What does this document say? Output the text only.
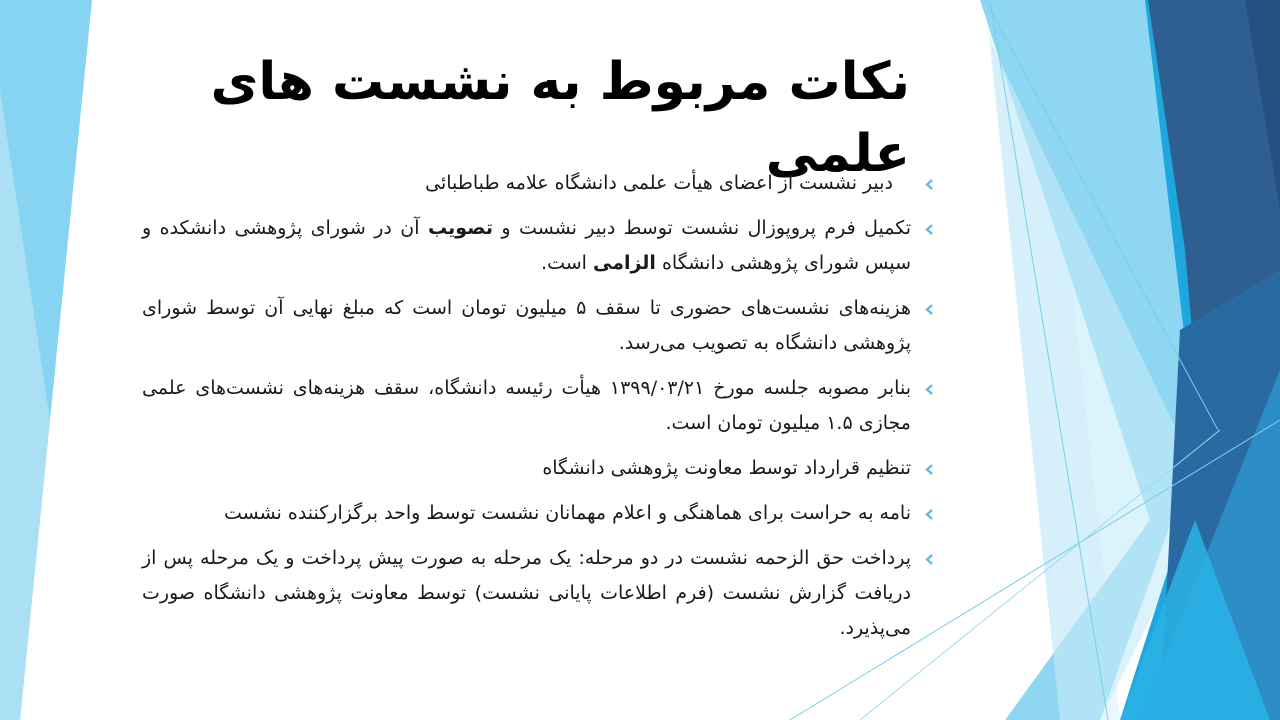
نکات مربوط به نشست های علمی
دبیر نشست از اعضای هیأت علمی دانشگاه علامه طباطبائی
تکمیل فرم پروپوزال نشست توسط دبیر نشست و تصویب آن در شورای پژوهشی دانشکده و سپس شورای پژوهشی دانشگاه الزامی است.
هزینه‌های نشست‌های حضوری تا سقف ۵ میلیون تومان است که مبلغ نهایی آن توسط شورای پژوهشی دانشگاه به تصویب می‌رسد.
بنابر مصوبه جلسه مورخ ۱۳۹۹/۰۳/۲۱ هیأت رئیسه دانشگاه، سقف هزینه‌های نشست‌های علمی مجازی ۱.۵ میلیون تومان است.
تنظیم قرارداد توسط معاونت پژوهشی دانشگاه
نامه به حراست برای هماهنگی و اعلام مهمانان نشست توسط واحد برگزارکننده نشست
پرداخت حق الزحمه نشست در دو مرحله: یک مرحله به صورت پیش پرداخت و یک مرحله پس از دریافت گزارش نشست (فرم اطلاعات پایانی نشست) توسط معاونت پژوهشی دانشگاه صورت می‌پذیرد.
